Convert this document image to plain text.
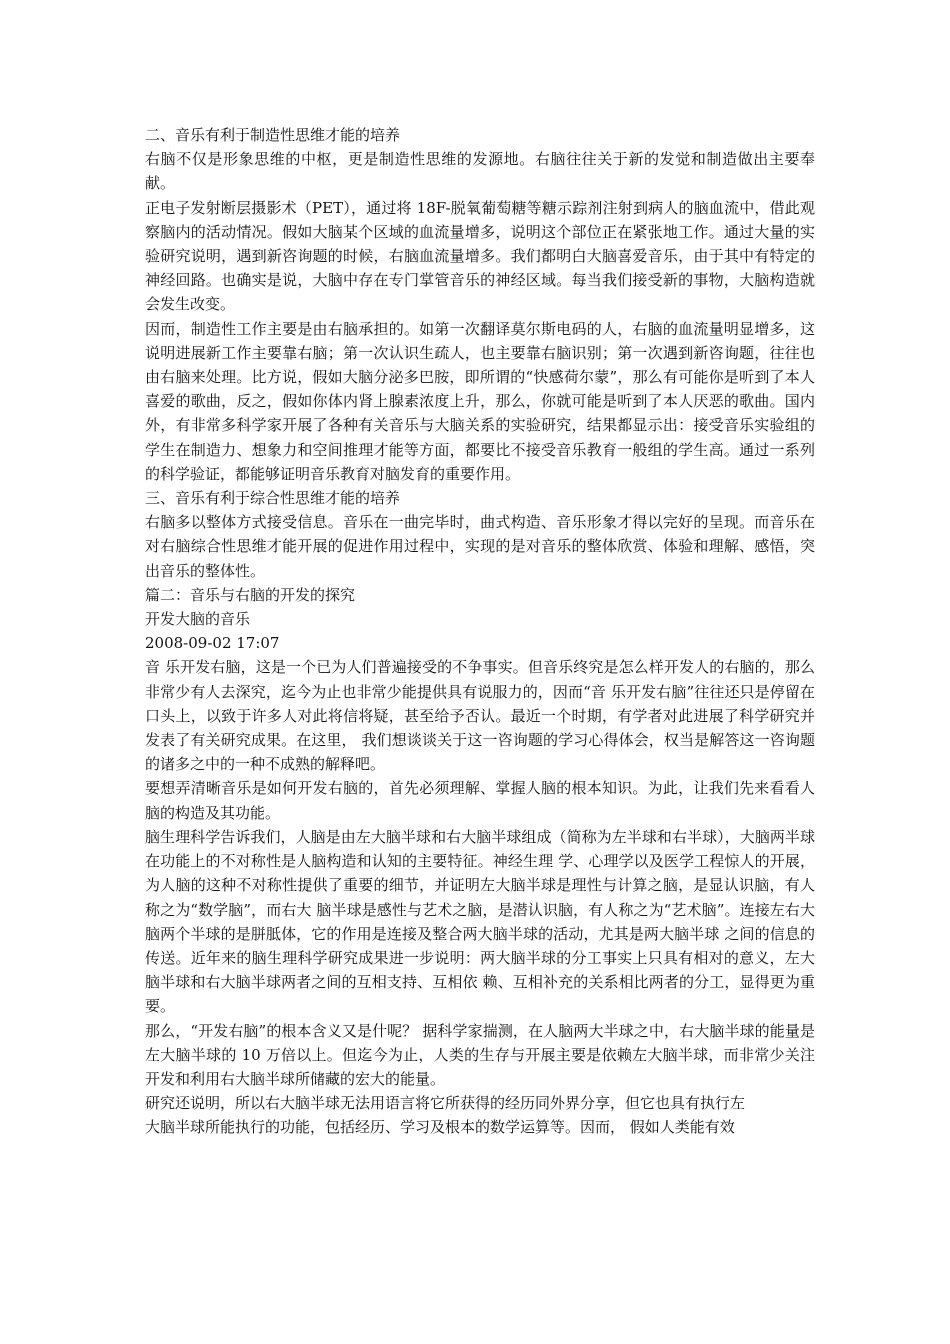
二、音乐有利于制造性思维才能的培养

右脑不仅是形象思维的中枢，更是制造性思维的发源地。右脑往往关于新的发觉和制造做出主要奉献。

正电子发射断层摄影术（PET），通过将 18F-脱氧葡萄糖等糖示踪剂注射到病人的脑血流中，借此观察脑内的活动情况。假如大脑某个区域的血流量增多，说明这个部位正在紧张地工作。通过大量的实验研究说明，遇到新咨询题的时候，右脑血流量增多。我们都明白大脑喜爱音乐，由于其中有特定的神经回路。也确实是说，大脑中存在专门掌管音乐的神经区域。每当我们接受新的事物，大脑构造就会发生改变。

因而，制造性工作主要是由右脑承担的。如第一次翻译莫尔斯电码的人，右脑的血流量明显增多，这说明进展新工作主要靠右脑；第一次认识生疏人，也主要靠右脑识别；第一次遇到新咨询题，往往也由右脑来处理。比方说，假如大脑分泌多巴胺，即所谓的“快感荷尔蒙”，那么有可能你是听到了本人喜爱的歌曲，反之，假如你体内肾上腺素浓度上升，那么，你就可能是听到了本人厌恶的歌曲。国内外，有非常多科学家开展了各种有关音乐与大脑关系的实验研究，结果都显示出：接受音乐实验组的学生在制造力、想象力和空间推理才能等方面，都要比不接受音乐教育一般组的学生高。通过一系列的科学验证，都能够证明音乐教育对脑发育的重要作用。

三、音乐有利于综合性思维才能的培养

右脑多以整体方式接受信息。音乐在一曲完毕时，曲式构造、音乐形象才得以完好的呈现。而音乐在对右脑综合性思维才能开展的促进作用过程中，实现的是对音乐的整体欣赏、体验和理解、感悟，突出音乐的整体性。

篇二：音乐与右脑的开发的探究

开发大脑的音乐

2008-09-02 17:07

音 乐开发右脑，这是一个已为人们普遍接受的不争事实。但音乐终究是怎么样开发人的右脑的，那么非常少有人去深究，迄今为止也非常少能提供具有说服力的，因而“音 乐开发右脑”往往还只是停留在口头上，以致于许多人对此将信将疑，甚至给予否认。最近一个时期，有学者对此进展了科学研究并发表了有关研究成果。在这里， 我们想谈谈关于这一咨询题的学习心得体会，权当是解答这一咨询题的诸多之中的一种不成熟的解释吧。

要想弄清晰音乐是如何开发右脑的，首先必须理解、掌握人脑的根本知识。为此，让我们先来看看人脑的构造及其功能。

脑生理科学告诉我们，人脑是由左大脑半球和右大脑半球组成（简称为左半球和右半球），大脑两半球在功能上的不对称性是人脑构造和认知的主要特征。神经生理 学、心理学以及医学工程惊人的开展，为人脑的这种不对称性提供了重要的细节，并证明左大脑半球是理性与计算之脑，是显认识脑，有人称之为“数学脑”，而右大 脑半球是感性与艺术之脑，是潜认识脑，有人称之为“艺术脑”。连接左右大脑两个半球的是胼胝体，它的作用是连接及整合两大脑半球的活动，尤其是两大脑半球 之间的信息的传送。近年来的脑生理科学研究成果进一步说明：两大脑半球的分工事实上只具有相对的意义，左大脑半球和右大脑半球两者之间的互相支持、互相依 赖、互相补充的关系相比两者的分工，显得更为重要。

那么，“开发右脑”的根本含义又是什呢？ 据科学家揣测，在人脑两大半球之中，右大脑半球的能量是左大脑半球的 10 万倍以上。但迄今为止，人类的生存与开展主要是依赖左大脑半球，而非常少关注开发和利用右大脑半球所储藏的宏大的能量。

研究还说明，所以右大脑半球无法用语言将它所获得的经历同外界分享，但它也具有执行左

大脑半球所能执行的功能，包括经历、学习及根本的数学运算等。因而， 假如人类能有效
